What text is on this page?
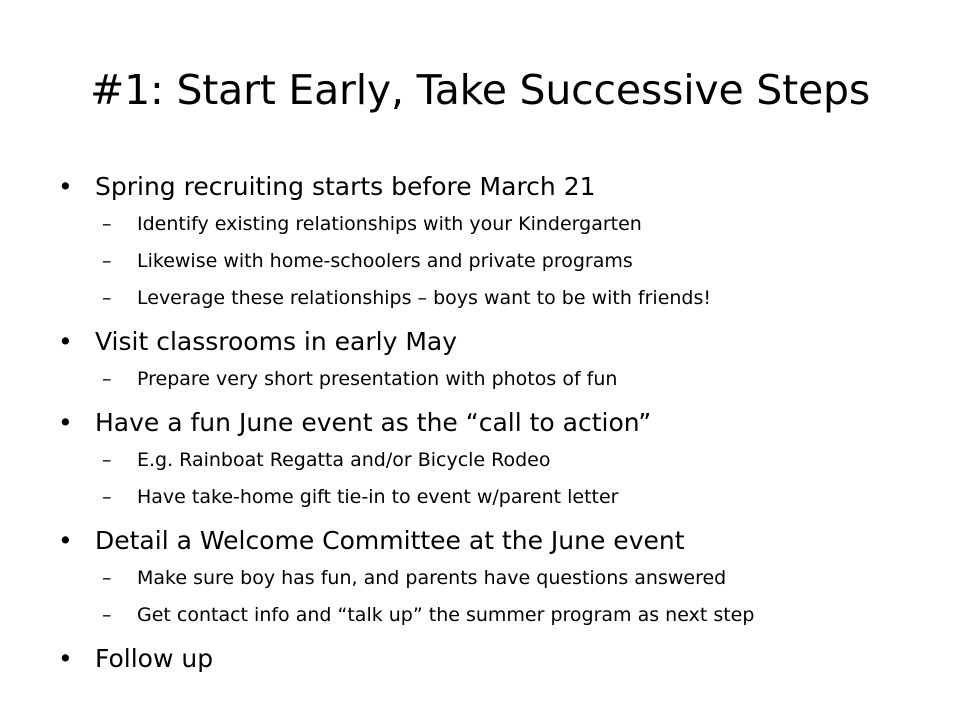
#1: Start Early, Take Successive Steps
• Spring recruiting starts before March 21
– Identify existing relationships with your Kindergarten
– Likewise with home-schoolers and private programs
– Leverage these relationships – boys want to be with friends!
• Visit classrooms in early May
– Prepare very short presentation with photos of fun
• Have a fun June event as the “call to action”
– E.g. Rainboat Regatta and/or Bicycle Rodeo
– Have take-home gift tie-in to event w/parent letter
• Detail a Welcome Committee at the June event
– Make sure boy has fun, and parents have questions answered
– Get contact info and “talk up” the summer program as next step
• Follow up
